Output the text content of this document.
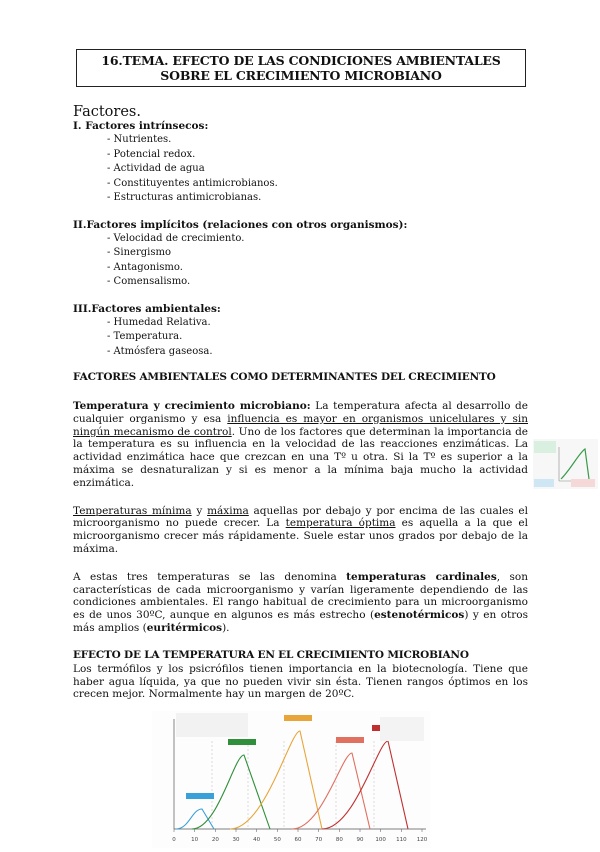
16.TEMA. EFECTO DE LAS CONDICIONES AMBIENTALES
SOBRE EL CRECIMIENTO MICROBIANO
Factores.
I. Factores intrínsecos:
- Nutrientes.
- Potencial redox.
- Actividad de agua
- Constituyentes antimicrobianos.
- Estructuras antimicrobianas.
II.Factores implícitos (relaciones con otros organismos):
- Velocidad de crecimiento.
- Sinergismo
- Antagonismo.
- Comensalismo.
III.Factores ambientales:
- Humedad Relativa.
- Temperatura.
- Atmósfera gaseosa.
FACTORES AMBIENTALES COMO DETERMINANTES DEL CRECIMIENTO

Temperatura y crecimiento microbiano: La temperatura afecta al desarrollo de cualquier organismo y esa influencia es mayor en organismos unicelulares y sin ningún mecanismo de control. Uno de los factores que determinan la importancia de la temperatura es su influencia en la velocidad de las reacciones enzimáticas. La actividad enzimática hace que crezcan en una Tº u otra. Si la Tº es superior a la máxima se desnaturalizan y si es menor a la mínima baja mucho la actividad enzimática.

Temperaturas mínima y máxima aquellas por debajo y por encima de las cuales el microorganismo no puede crecer. La temperatura óptima es aquella a la que el microorganismo crecer más rápidamente. Suele estar unos grados por debajo de la máxima.

A estas tres temperaturas se las denomina temperaturas cardinales, son características de cada microorganismo y varían ligeramente dependiendo de las condiciones ambientales. El rango habitual de crecimiento para un microorganismo es de unos 30ºC, aunque en algunos es más estrecho (estenotérmicos) y en otros más amplios (euritérmicos).

EFECTO DE LA TEMPERATURA EN EL CRECIMIENTO MICROBIANO

Los termófilos y los psicrófilos tienen importancia en la biotecnología. Tiene que haber agua líquida, ya que no pueden vivir sin ésta. Tienen rangos óptimos en los crecen mejor. Normalmente hay un margen de 20ºC.

0	10 20 30 40 50 60 70 80 90 100 110 120
